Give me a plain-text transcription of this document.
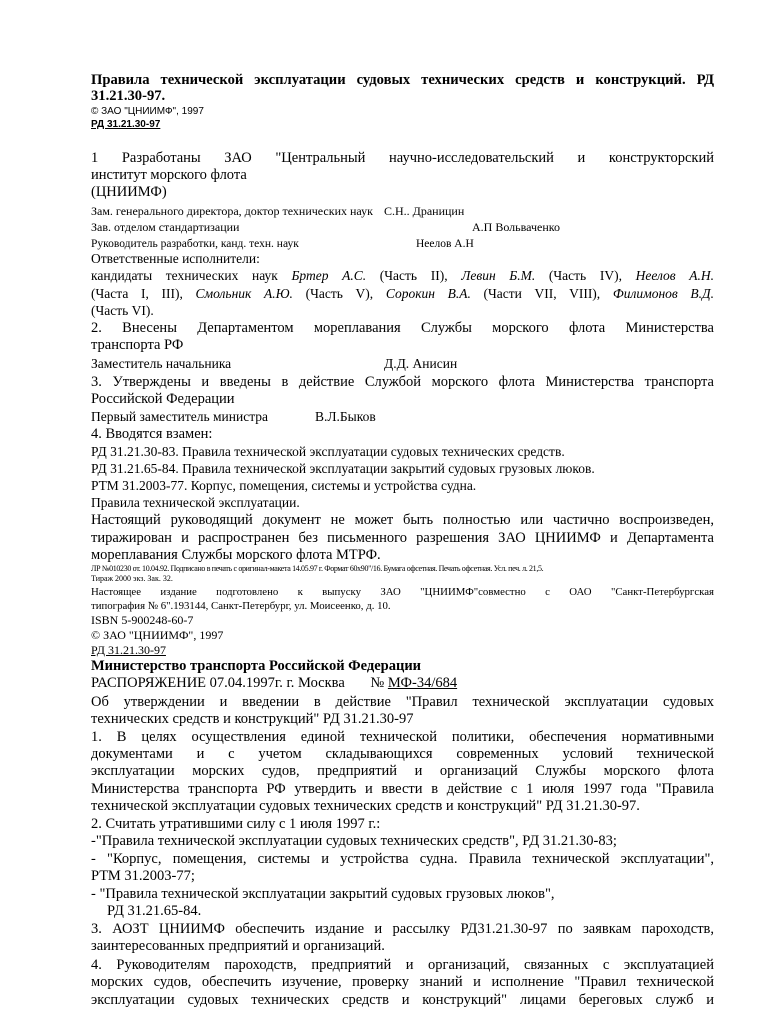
Правила технической эксплуатации судовых технических средств и конструкций. РД
31.21.30-97.
© ЗАО "ЦНИИМФ", 1997
РД 31.21.30-97
1 Разработаны ЗАО "Центральный научно-исследовательский и конструкторский
институт морского флота
(ЦНИИМФ)
Зам. генерального директора, доктор технических наук С.Н.. Драницин
Зав. отделом стандартизации	А.П Вольваченко
Руководитель разработки, канд. техн. наук	Неелов А.Н
Ответственные исполнители:
кандидаты технических наук Бртер А.С. (Часть II), Левин Б.М. (Часть IV), Неелов А.Н.
(Часта I, III), Смольник А.Ю. (Часть V), Сорокин В.А. (Части VII, VIII), Филимонов В.Д.
(Часть VI).
2. Внесены Департаментом мореплавания Службы морского флота Министерства
транспорта РФ
Заместитель начальника	Д.Д. Анисин
3. Утверждены и введены в действие Службой морского флота Министерства транспорта
Российской Федерации
Первый заместитель министра	В.Л.Быков
4. Вводятся взамен:
РД 31.21.30-83. Правила технической эксплуатации судовых технических средств.
РД 31.21.65-84. Правила технической эксплуатации закрытий судовых грузовых люков.
РТМ 31.2003-77. Корпус, помещения, системы и устройства судна.
Правила технической эксплуатации.
Настоящий руководящий документ не может быть полностью или частично воспроизведен,
тиражирован и распространен без письменного разрешения ЗАО ЦНИИМФ и Департамента
мореплавания Службы морского флота МТРФ.
ЛР №010230 от. 10.04.92. Подписано в печать с оригинал-макета 14.05.97 г. Формат 60х90"/16. Бумага офсетная. Печать офсетная. Усл. печ. л. 21,5.
Тираж 2000 экз. Зак. 32.
Настоящее издание подготовлено к выпуску ЗАО "ЦНИИМФ"совместно с ОАО "Санкт-Петербургская
типография № 6".193144, Санкт-Петербург, ул. Моисеенко, д. 10.
ISBN 5-900248-60-7
© ЗАО "ЦНИИМФ", 1997
РД 31.21.30-97
Министерство транспорта Российской Федерации
РАСПОРЯЖЕНИЕ 07.04.1997г. г. Москва № МФ-34/684
Об утверждении и введении в действие "Правил технической эксплуатации судовых
технических средств и конструкций" РД 31.21.30-97
1. В целях осуществления единой технической политики, обеспечения нормативными
документами и с учетом складывающихся современных условий технической
эксплуатации морских судов, предприятий и организаций Службы морского флота
Министерства транспорта РФ утвердить и ввести в действие с 1 июля 1997 года "Правила
технической эксплуатации судовых технических средств и конструкций" РД 31.21.30-97.
2. Считать утратившими силу с 1 июля 1997 г.:
-"Правила технической эксплуатации судовых технических средств", РД 31.21.30-83;
- "Корпус, помещения, системы и устройства судна. Правила технической эксплуатации",
РТМ 31.2003-77;
- "Правила технической эксплуатации закрытий судовых грузовых люков",
РД 31.21.65-84.
3. АОЗТ ЦНИИМФ обеспечить издание и рассылку РД31.21.30-97 по заявкам пароходств,
заинтересованных предприятий и организаций.
4. Руководителям пароходств, предприятий и организаций, связанных с эксплуатацией
морских судов, обеспечить изучение, проверку знаний и исполнение "Правил технической
эксплуатации судовых технических средств и конструкций" лицами береговых служб и
